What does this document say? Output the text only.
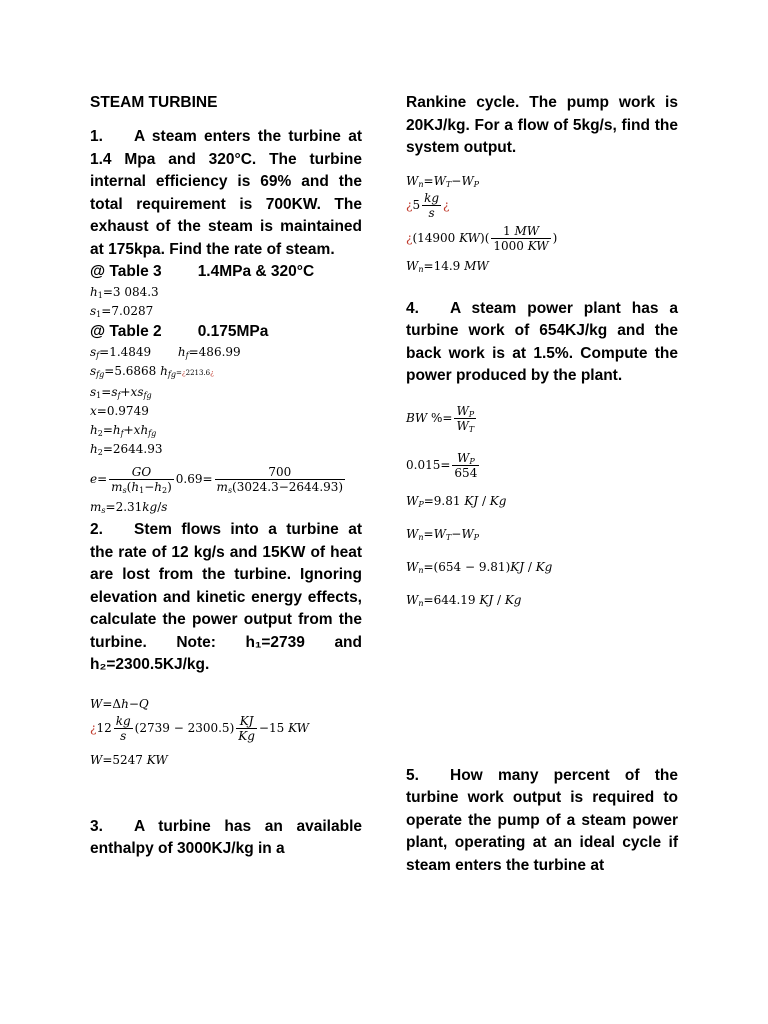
STEAM TURBINE

1. A steam enters the turbine at 1.4 Mpa and 320°C. The turbine internal efficiency is 69% and the total requirement is 700KW. The exhaust of the steam is maintained at 175kpa. Find the rate of steam.

@ Table 3 1.4MPa & 320°C

$h_1=3$ 084.3

$s_1=7.0287$

@ Table 2 0.175MPa

$s_f=1.4849$ $h_f=486.99$

$s_{fg}=5.6868$ $h_{fg}=¿2213.6¿$

$s_1=s_f+xs_{fg}$

x=0.9749

$h_2=h_f+xh_{fg}$

$h_2=2644.93$

$e= \frac{GO}{m_s(h_1-h_2)} 0.69= \frac{700}{m_s(3024.3-2644.93)}$

$m_s=2.31kg/s$

2. Stem flows into a turbine at the rate of 12 kg/s and 15KW of heat are lost from the turbine. Ignoring elevation and kinetic energy effects, calculate the power output from the turbine. Note: h₁=2739 and h₂=2300.5KJ/kg.

W=Δh−Q

¿$12 \frac{kg}{s} (2739 - 2300.5) \frac{KJ}{Kg} -15$ KW

W=5247 KW

3. A turbine has an available enthalpy of 3000KJ/kg in a

Rankine cycle. The pump work is 20KJ/kg. For a flow of 5kg/s, find the system output.

$W_n=W_T-W_P$

¿$5 \frac{kg}{s}$ ¿

¿(14900 $KW)( \frac{1 MW}{1000 KW}$ )

$W_n=14.9$ MW

4. A steam power plant has a turbine work of 654KJ/kg and the back work is at 1.5%. Compute the power produced by the plant.

BW %= $\frac{W_P}{W_T}$

$0.015= \frac{W_P}{654}$

$W_P=9.81$ KJ / Kg

$W_n=W_T-W_P$

$W_n=(654 - 9.81)KJ / Kg$

$W_n=644.19$ KJ / Kg

5. How many percent of the turbine work output is required to operate the pump of a steam power plant, operating at an ideal cycle if steam enters the turbine at
